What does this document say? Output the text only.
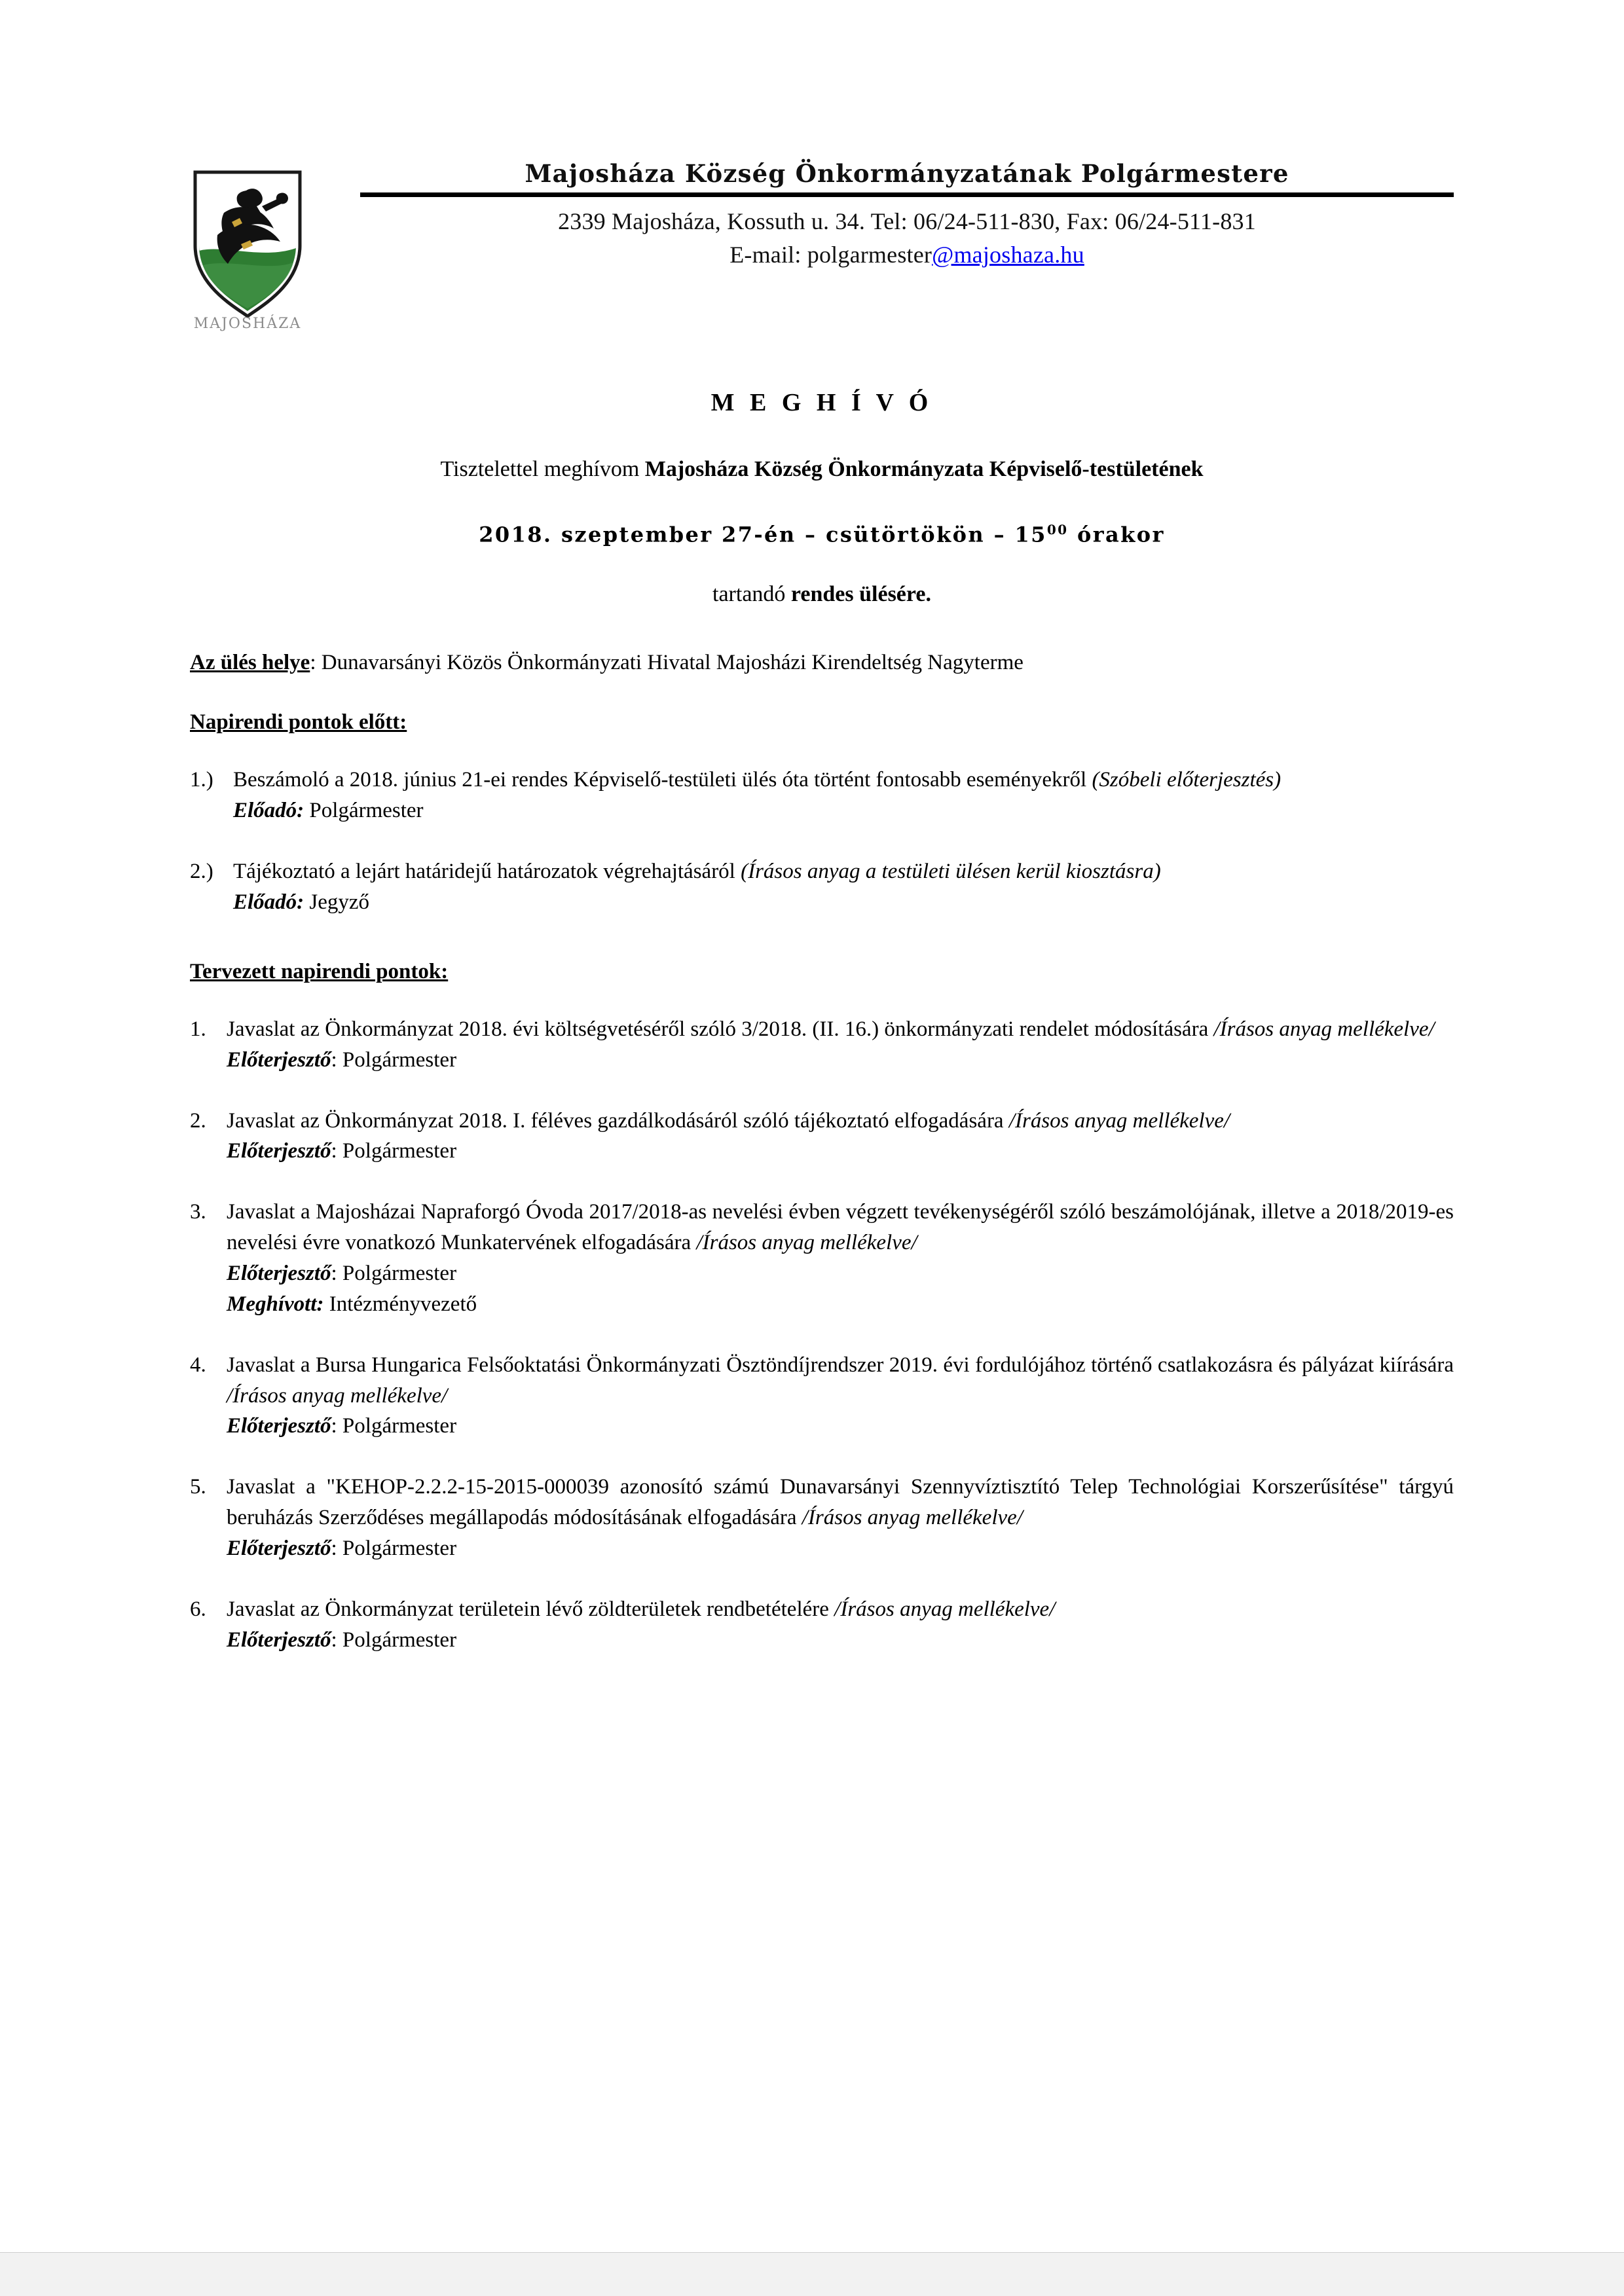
MAJOSHÁZA
Majosháza Község Önkormányzatának Polgármestere
2339 Majosháza, Kossuth u. 34. Tel: 06/24-511-830, Fax: 06/24-511-831
E-mail: polgarmester@majoshaza.hu
M E G H Í V Ó
Tisztelettel meghívom Majosháza Község Önkormányzata Képviselő-testületének
2018. szeptember 27-én – csütörtökön – $15^{00}$ órakor
tartandó rendes ülésére.
Az ülés helye: Dunavarsányi Közös Önkormányzati Hivatal Majosházi Kirendeltség Nagyterme
Napirendi pontok előtt:
1.) Beszámoló a 2018. június 21-ei rendes Képviselő-testületi ülés óta történt fontosabb eseményekről (Szóbeli előterjesztés)

Előadó: Polgármester

2.) Tájékoztató a lejárt határidejű határozatok végrehajtásáról (Írásos anyag a testületi ülésen kerül kiosztásra)

Előadó: Jegyző

Tervezett napirendi pontok:
1. Javaslat az Önkormányzat 2018. évi költségvetéséről szóló 3/2018. (II. 16.) önkormányzati rendelet módosítására /Írásos anyag mellékelve/

Előterjesztő: Polgármester

2. Javaslat az Önkormányzat 2018. I. féléves gazdálkodásáról szóló tájékoztató elfogadására /Írásos anyag mellékelve/

Előterjesztő: Polgármester

3. Javaslat a Majosházai Napraforgó Óvoda 2017/2018-as nevelési évben végzett tevékenységéről szóló beszámolójának, illetve a 2018/2019-es nevelési évre vonatkozó Munkatervének elfogadására /Írásos anyag mellékelve/

Előterjesztő: Polgármester

Meghívott: Intézményvezető

4. Javaslat a Bursa Hungarica Felsőoktatási Önkormányzati Ösztöndíjrendszer 2019. évi fordulójához történő csatlakozásra és pályázat kiírására /Írásos anyag mellékelve/

Előterjesztő: Polgármester

5. Javaslat a "KEHOP-2.2.2-15-2015-000039 azonosító számú Dunavarsányi Szennyvíztisztító Telep Technológiai Korszerűsítése" tárgyú beruházás Szerződéses megállapodás módosításának elfogadására /Írásos anyag mellékelve/

Előterjesztő: Polgármester

6. Javaslat az Önkormányzat területein lévő zöldterületek rendbetételére /Írásos anyag mellékelve/

Előterjesztő: Polgármester
